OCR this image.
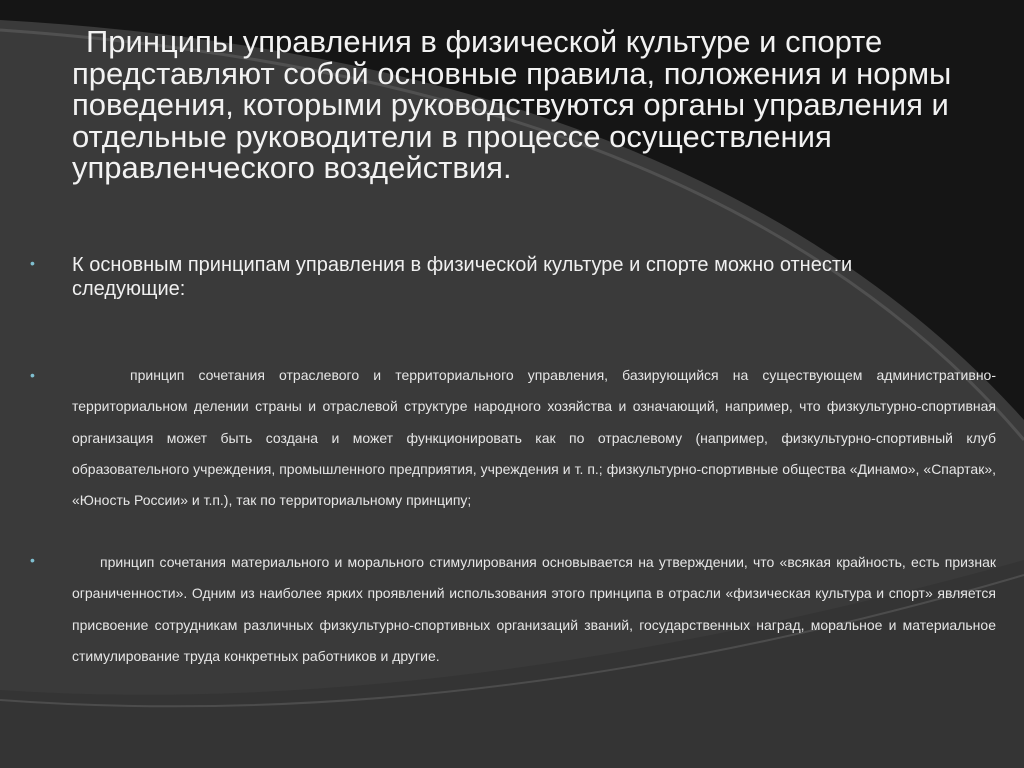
Принципы управления в физической культуре и спорте представляют собой основные правила, положения и нормы поведения, которыми руководствуются органы управления и отдельные руководители в процессе осуществления управленческого воздействия.

• К основным принципам управления в физической культуре и спорте можно отнести следующие:

•	принцип сочетания отраслевого и территориального управления, базирующийся на существующем административно-территориальном делении страны и отраслевой структуре народного хозяйства и означающий, например, что физкультурно-спортивная организация может быть создана и может функционировать как по отраслевому (например, физкультурно-спортивный клуб образовательного учреждения, промышленного предприятия, учреждения и т. п.; физкультурно-спортивные общества «Динамо», «Спартак», «Юность России» и т.п.), так по территориальному принципу;

•	принцип сочетания материального и морального стимулирования основывается на утверждении, что «всякая крайность, есть признак ограниченности». Одним из наиболее ярких проявлений использования этого принципа в отрасли «физическая культура и спорт» является присвоение сотрудникам различных физкультурно-спортивных организаций званий, государственных наград, моральное и материальное стимулирование труда конкретных работников и другие.
